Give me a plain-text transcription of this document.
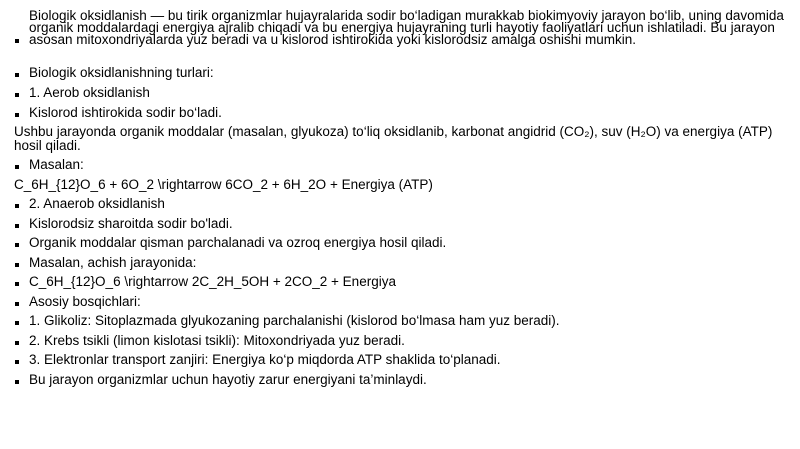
Biologik oksidlanish — bu tirik organizmlar hujayralarida sodir bo‘ladigan murakkab biokimyoviy jarayon bo‘lib, uning davomida organik moddalardagi energiya ajralib chiqadi va bu energiya hujayraning turli hayotiy faoliyatlari uchun ishlatiladi. Bu jarayon asosan mitoxondriyalarda yuz beradi va u kislorod ishtirokida yoki kislorodsiz amalga oshishi mumkin.
Biologik oksidlanishning turlari:
1. Aerob oksidlanish
Kislorod ishtirokida sodir bo‘ladi.
Ushbu jarayonda organik moddalar (masalan, glyukoza) to‘liq oksidlanib, karbonat angidrid (CO₂), suv (H₂O) va energiya (ATP) hosil qiladi.
Masalan:
C_6H_{12}O_6 + 6O_2 \rightarrow 6CO_2 + 6H_2O + Energiya (ATP)
2. Anaerob oksidlanish
Kislorodsiz sharoitda sodir bo'ladi.
Organik moddalar qisman parchalanadi va ozroq energiya hosil qiladi.
Masalan, achish jarayonida:
C_6H_{12}O_6 \rightarrow 2C_2H_5OH + 2CO_2 + Energiya
Asosiy bosqichlari:
1. Glikoliz: Sitoplazmada glyukozaning parchalanishi (kislorod bo‘lmasa ham yuz beradi).
2. Krebs tsikli (limon kislotasi tsikli): Mitoxondriyada yuz beradi.
3. Elektronlar transport zanjiri: Energiya ko‘p miqdorda ATP shaklida to‘planadi.
Bu jarayon organizmlar uchun hayotiy zarur energiyani ta’minlaydi.
